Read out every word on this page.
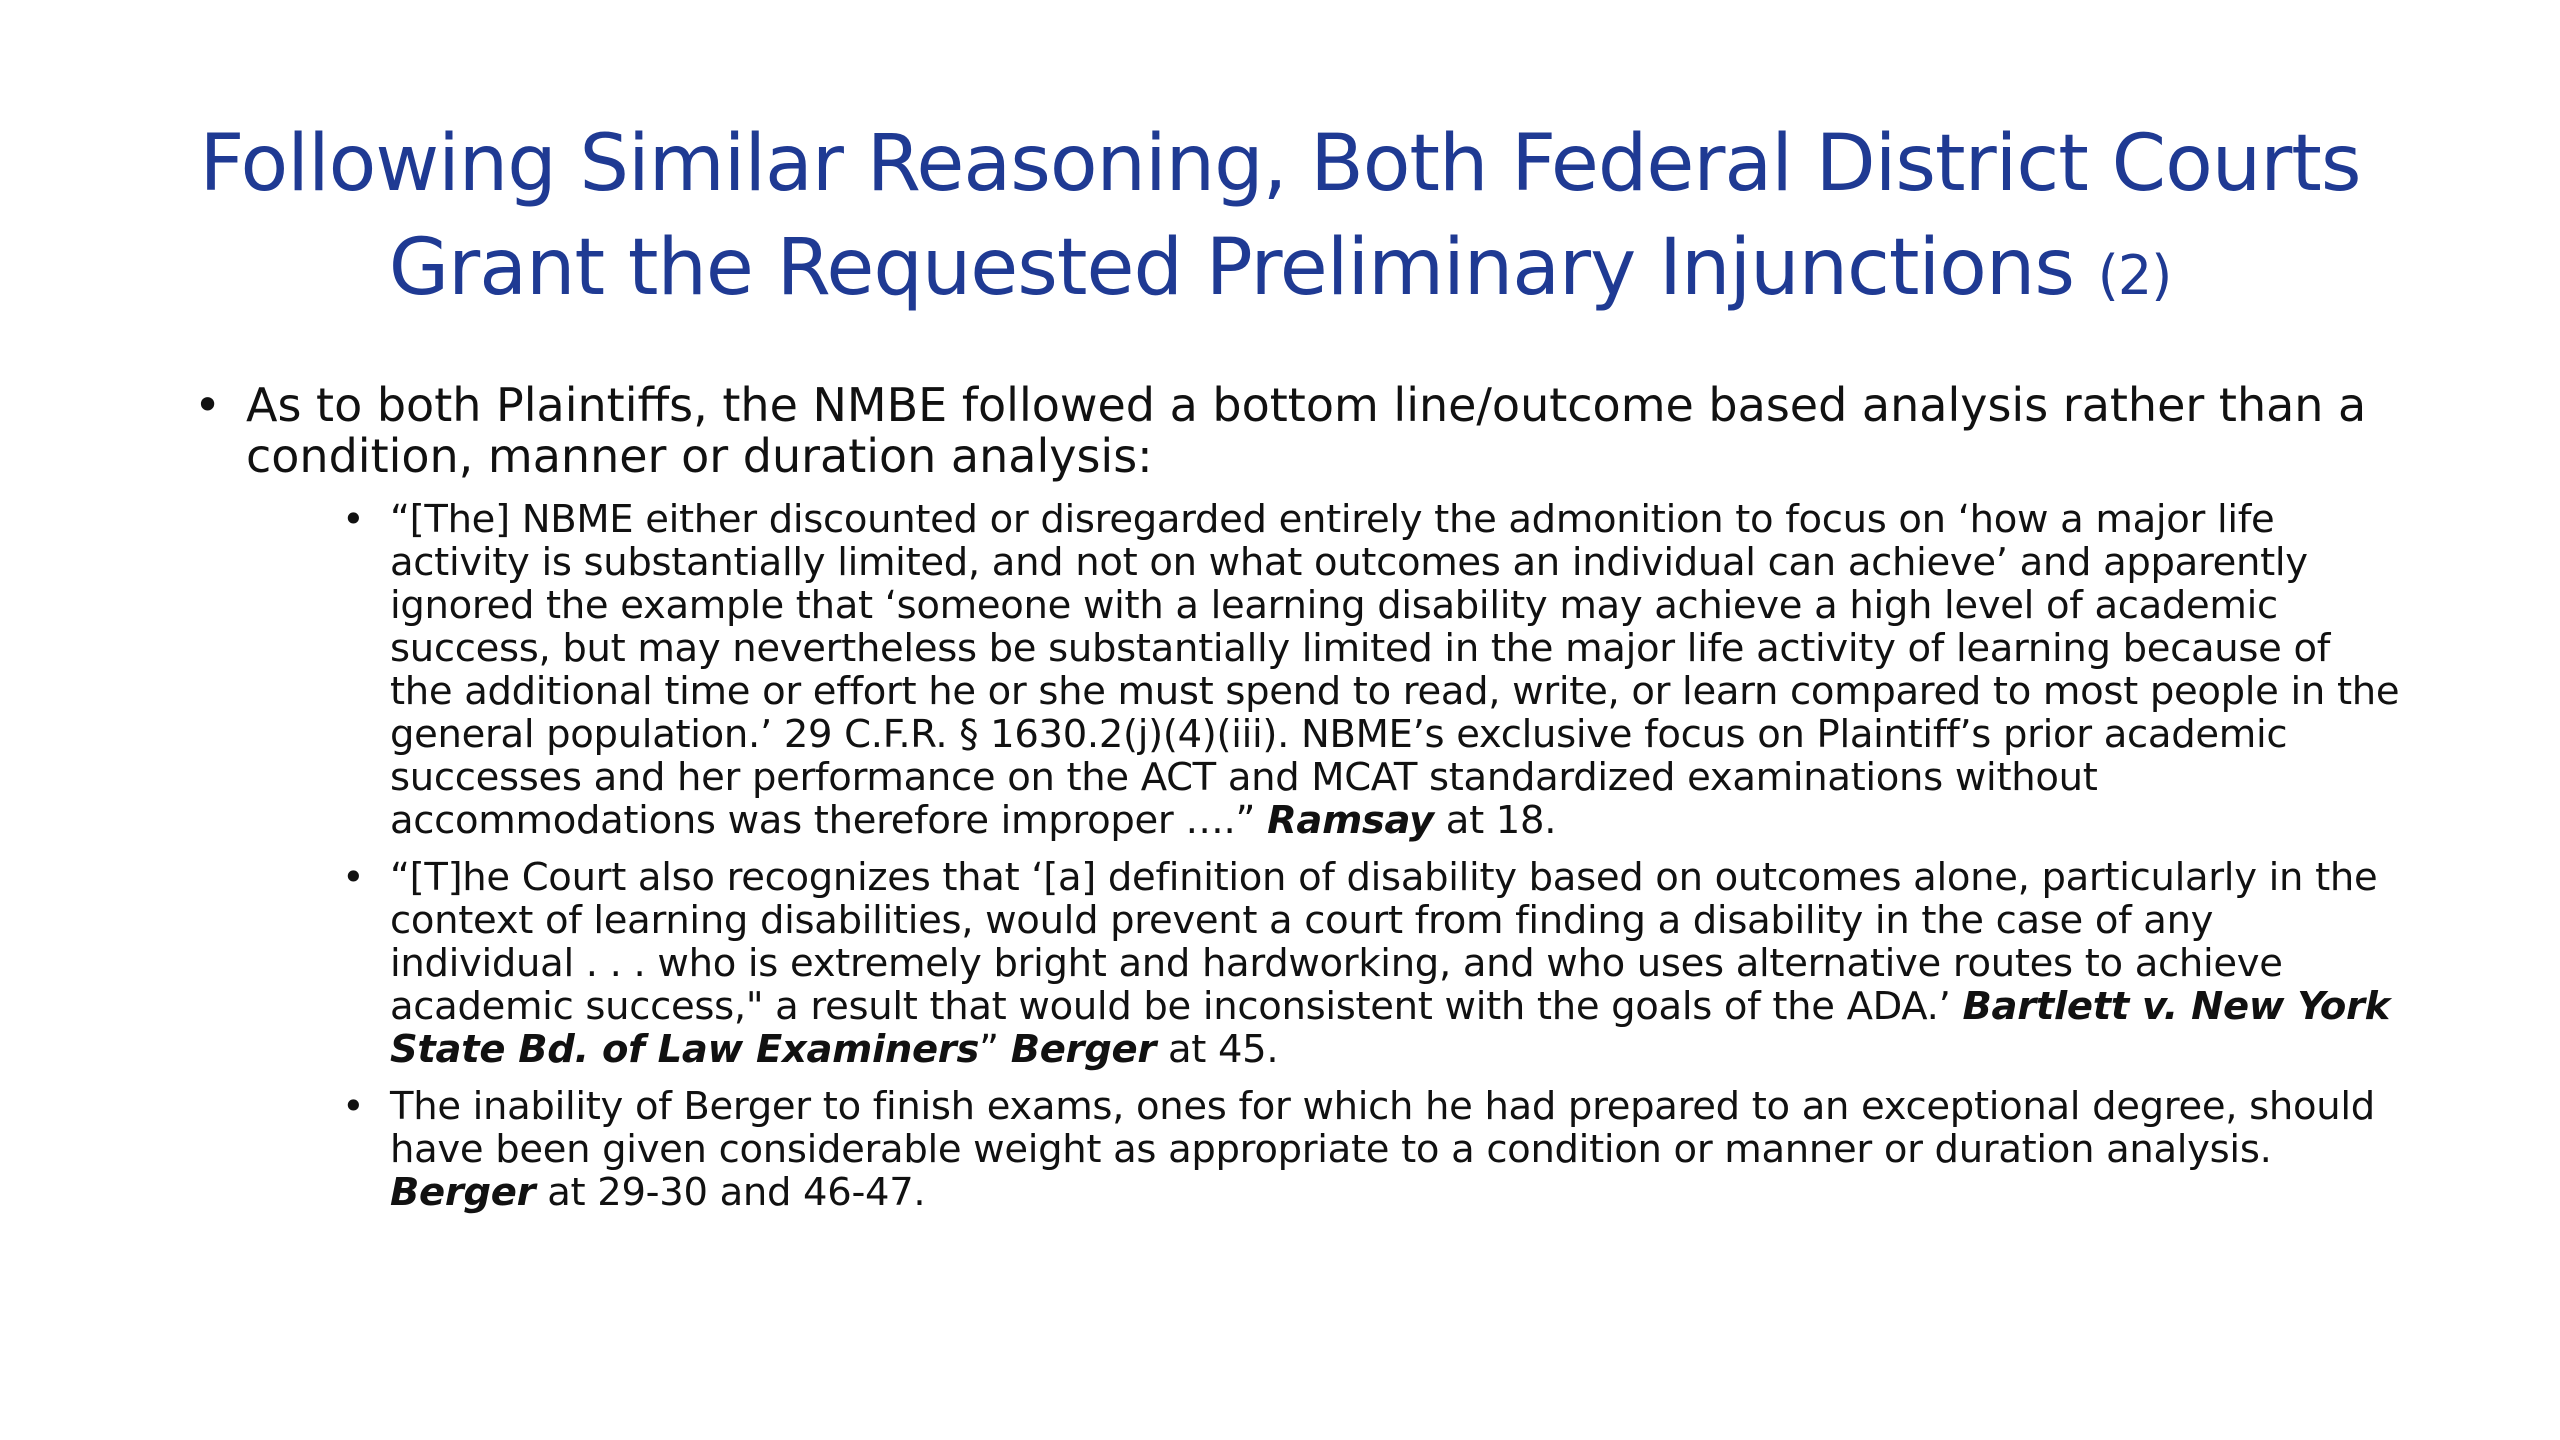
Following Similar Reasoning, Both Federal District Courts
Grant the Requested Preliminary Injunctions (2)
• As to both Plaintiffs, the NMBE followed a bottom line/outcome based analysis rather than a condition, manner or duration analysis:
• “[The] NBME either discounted or disregarded entirely the admonition to focus on ‘how a major life activity is substantially limited, and not on what outcomes an individual can achieve’ and apparently ignored the example that ‘someone with a learning disability may achieve a high level of academic success, but may nevertheless be substantially limited in the major life activity of learning because of the additional time or effort he or she must spend to read, write, or learn compared to most people in the general population.’ 29 C.F.R. § 1630.2(j)(4)(iii). NBME’s exclusive focus on Plaintiff’s prior academic successes and her performance on the ACT and MCAT standardized examinations without accommodations was therefore improper ….” Ramsay at 18.
• “[T]he Court also recognizes that ‘[a] definition of disability based on outcomes alone, particularly in the context of learning disabilities, would prevent a court from finding a disability in the case of any individual . . . who is extremely bright and hardworking, and who uses alternative routes to achieve academic success," a result that would be inconsistent with the goals of the ADA.’ Bartlett v. New York State Bd. of Law Examiners” Berger at 45.
• The inability of Berger to finish exams, ones for which he had prepared to an exceptional degree, should have been given considerable weight as appropriate to a condition or manner or duration analysis. Berger at 29-30 and 46-47.
